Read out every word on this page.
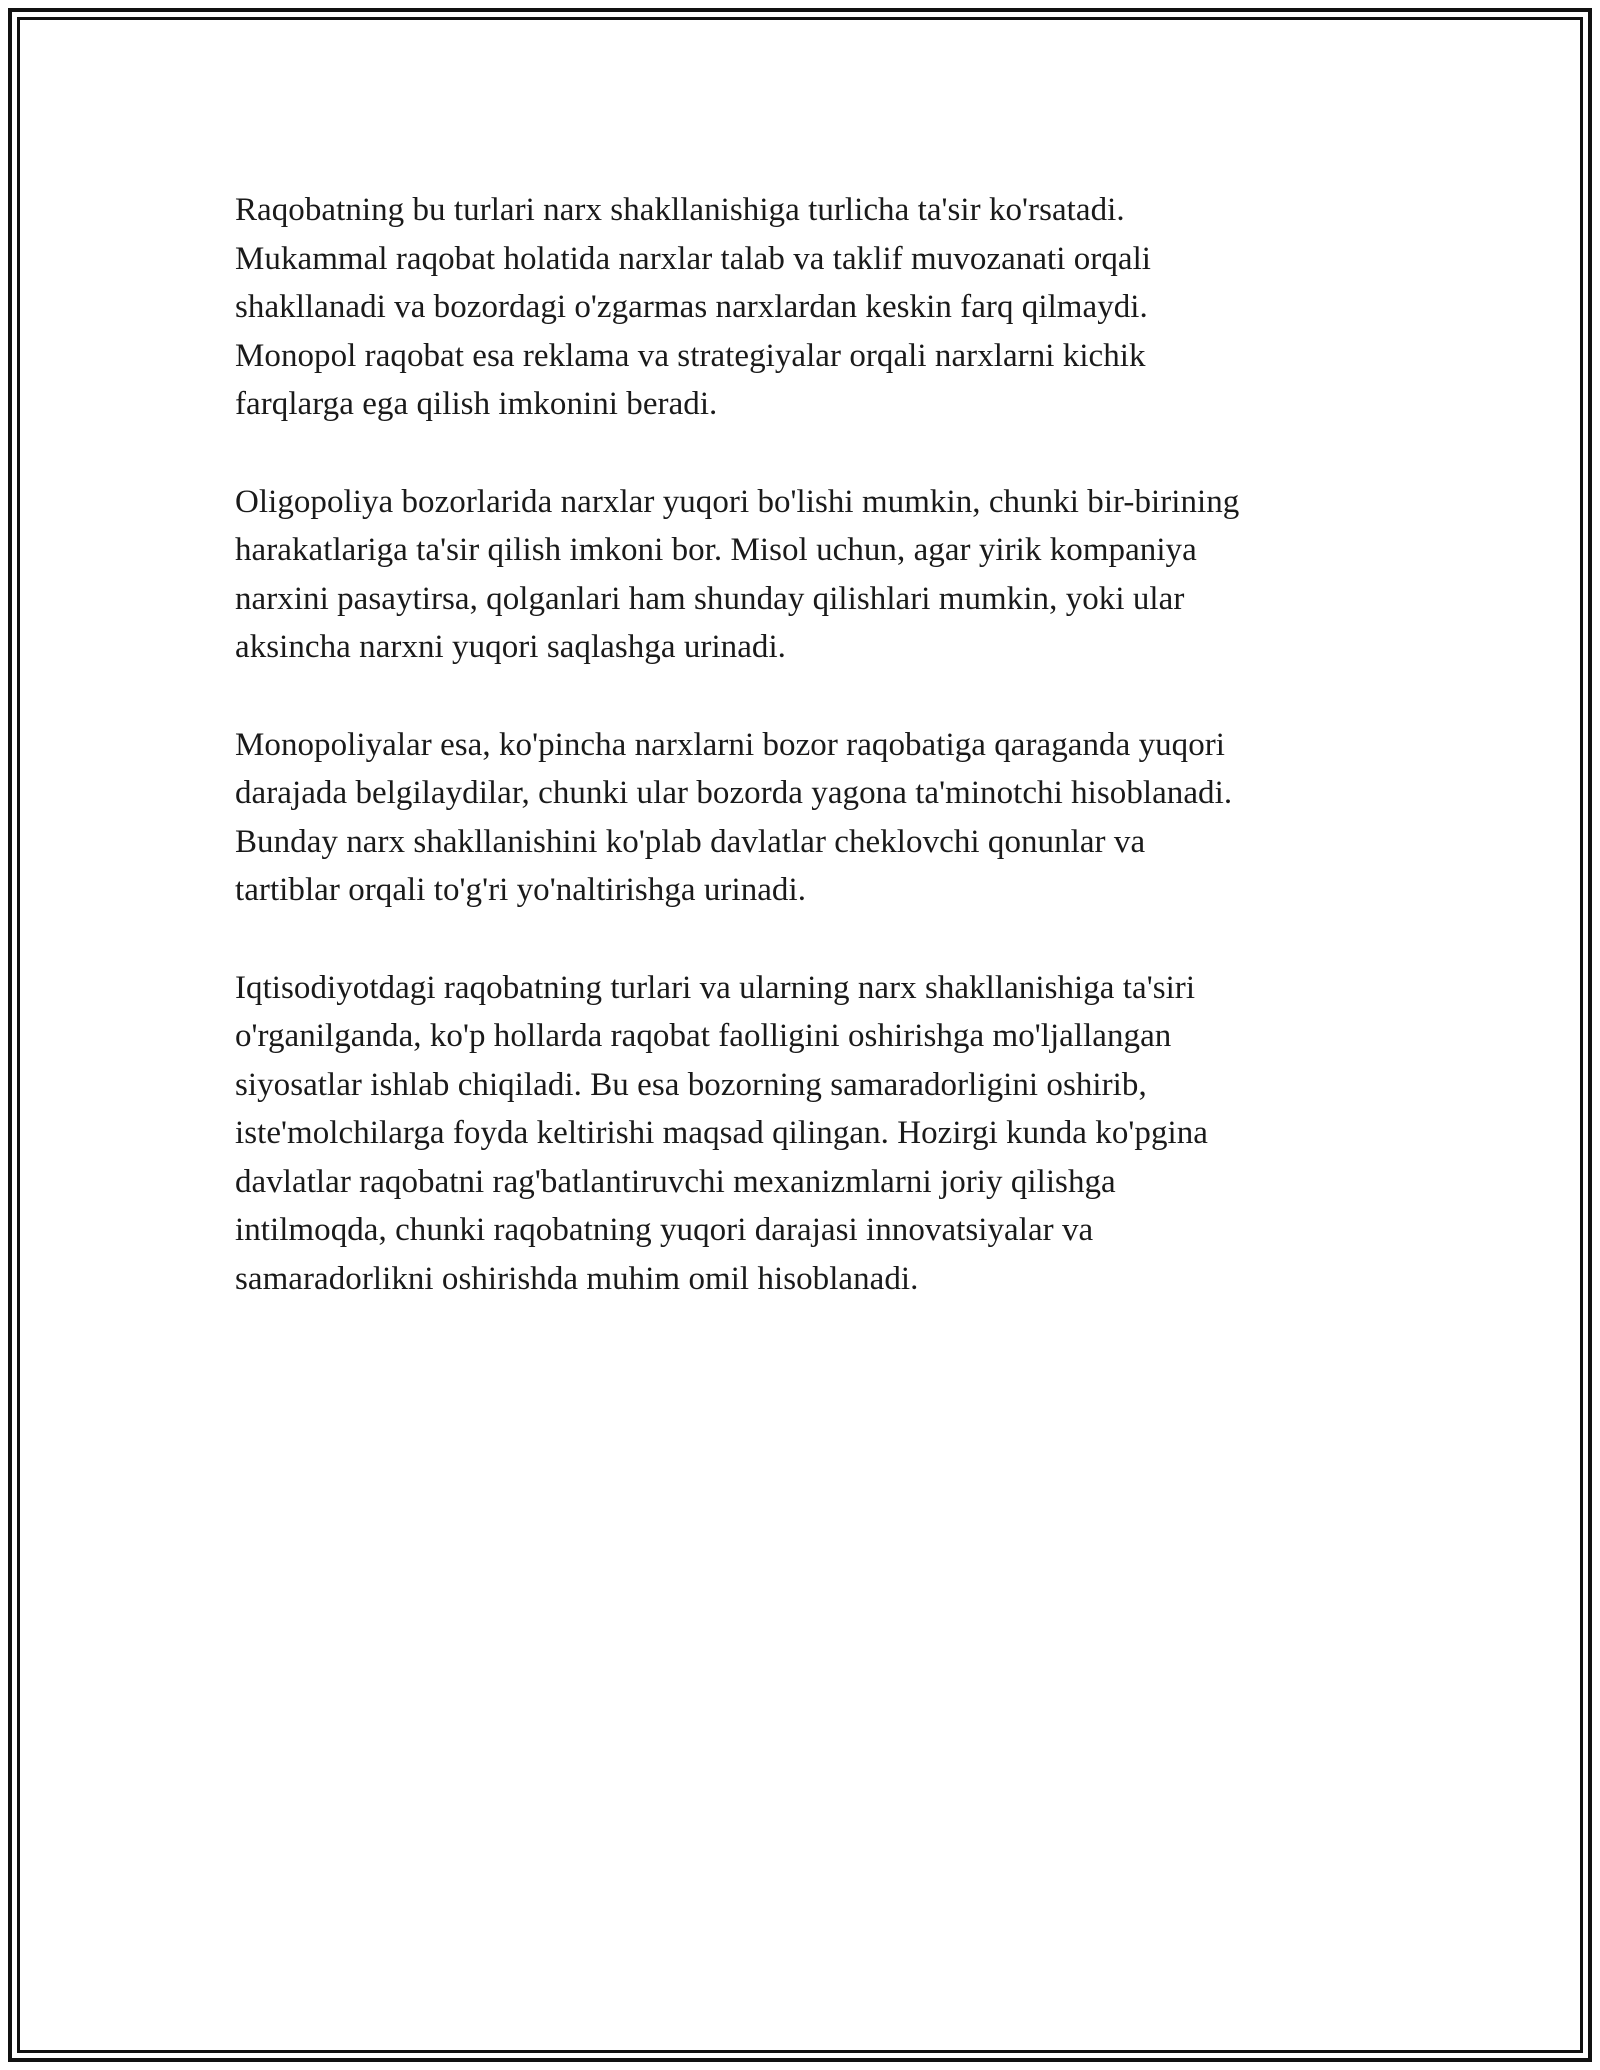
Raqobatning bu turlari narx shakllanishiga turlicha ta'sir ko'rsatadi.
Mukammal raqobat holatida narxlar talab va taklif muvozanati orqali
shakllanadi va bozordagi o'zgarmas narxlardan keskin farq qilmaydi.
Monopol raqobat esa reklama va strategiyalar orqali narxlarni kichik
farqlarga ega qilish imkonini beradi.

Oligopoliya bozorlarida narxlar yuqori bo'lishi mumkin, chunki bir-birining
harakatlariga ta'sir qilish imkoni bor. Misol uchun, agar yirik kompaniya
narxini pasaytirsa, qolganlari ham shunday qilishlari mumkin, yoki ular
aksincha narxni yuqori saqlashga urinadi.

Monopoliyalar esa, ko'pincha narxlarni bozor raqobatiga qaraganda yuqori
darajada belgilaydilar, chunki ular bozorda yagona ta'minotchi hisoblanadi.
Bunday narx shakllanishini ko'plab davlatlar cheklovchi qonunlar va
tartiblar orqali to'g'ri yo'naltirishga urinadi.

Iqtisodiyotdagi raqobatning turlari va ularning narx shakllanishiga ta'siri
o'rganilganda, ko'p hollarda raqobat faolligini oshirishga mo'ljallangan
siyosatlar ishlab chiqiladi. Bu esa bozorning samaradorligini oshirib,
iste'molchilarga foyda keltirishi maqsad qilingan. Hozirgi kunda ko'pgina
davlatlar raqobatni rag'batlantiruvchi mexanizmlarni joriy qilishga
intilmoqda, chunki raqobatning yuqori darajasi innovatsiyalar va
samaradorlikni oshirishda muhim omil hisoblanadi.
